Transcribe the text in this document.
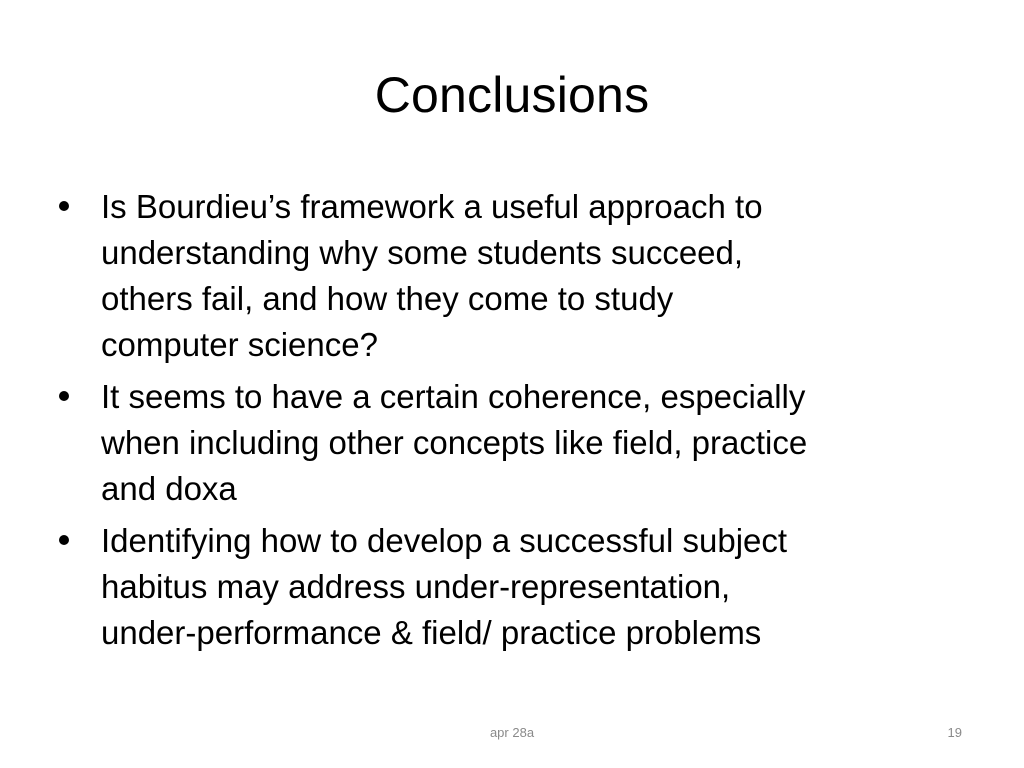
Conclusions
Is Bourdieu’s framework a useful approach to
understanding why some students succeed,
others fail, and how they come to study
computer science?
It seems to have a certain coherence, especially
when including other concepts like field, practice
and doxa
Identifying how to develop a successful subject
habitus may address under-representation,
under-performance & field/ practice problems
apr 28a	19
